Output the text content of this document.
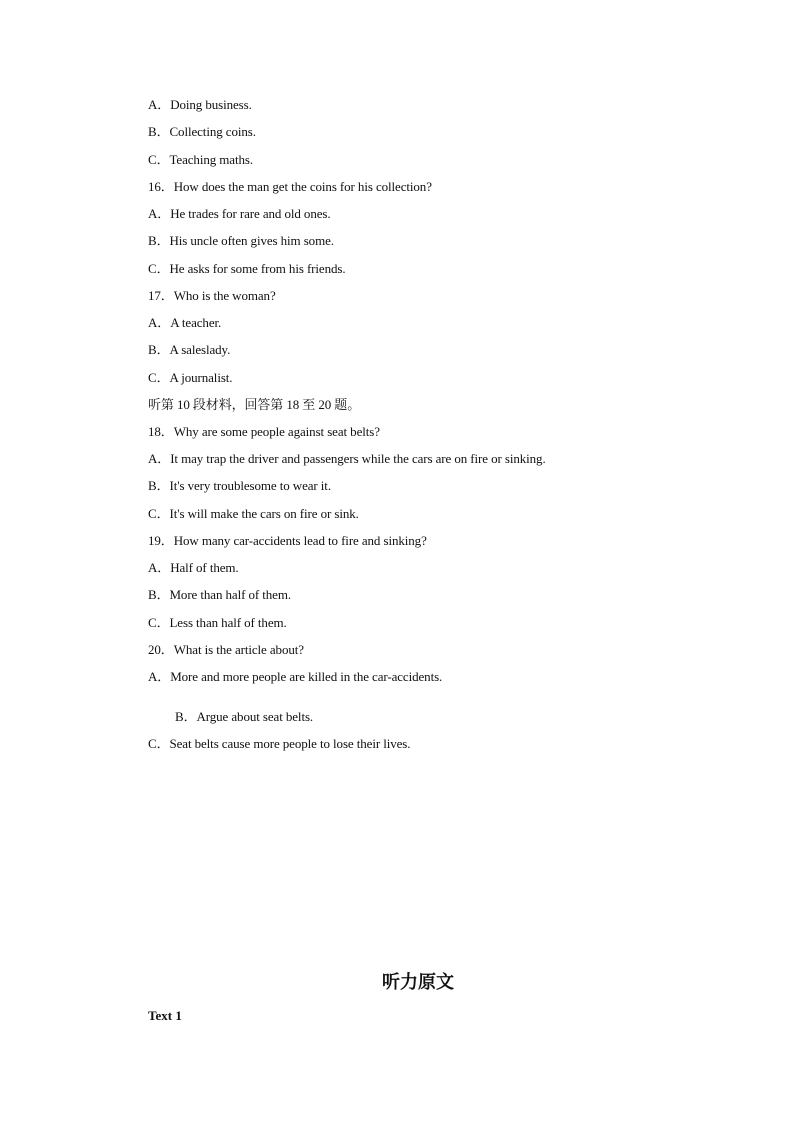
A．Doing business.
B．Collecting coins.
C．Teaching maths.
16．How does the man get the coins for his collection?
A．He trades for rare and old ones.
B．His uncle often gives him some.
C．He asks for some from his friends.
17．Who is the woman?
A．A teacher.
B．A saleslady.
C．A journalist.
听第 10 段材料，回答第 18 至 20 题。
18．Why are some people against seat belts?
A．It may trap the driver and passengers while the cars are on fire or sinking.
B．It's very troublesome to wear it.
C．It's will make the cars on fire or sink.
19．How many car-accidents lead to fire and sinking?
A．Half of them.
B．More than half of them.
C．Less than half of them.
20．What is the article about?
A．More and more people are killed in the car-accidents.
B．Argue about seat belts.
C．Seat belts cause more people to lose their lives.
听力原文
Text 1
